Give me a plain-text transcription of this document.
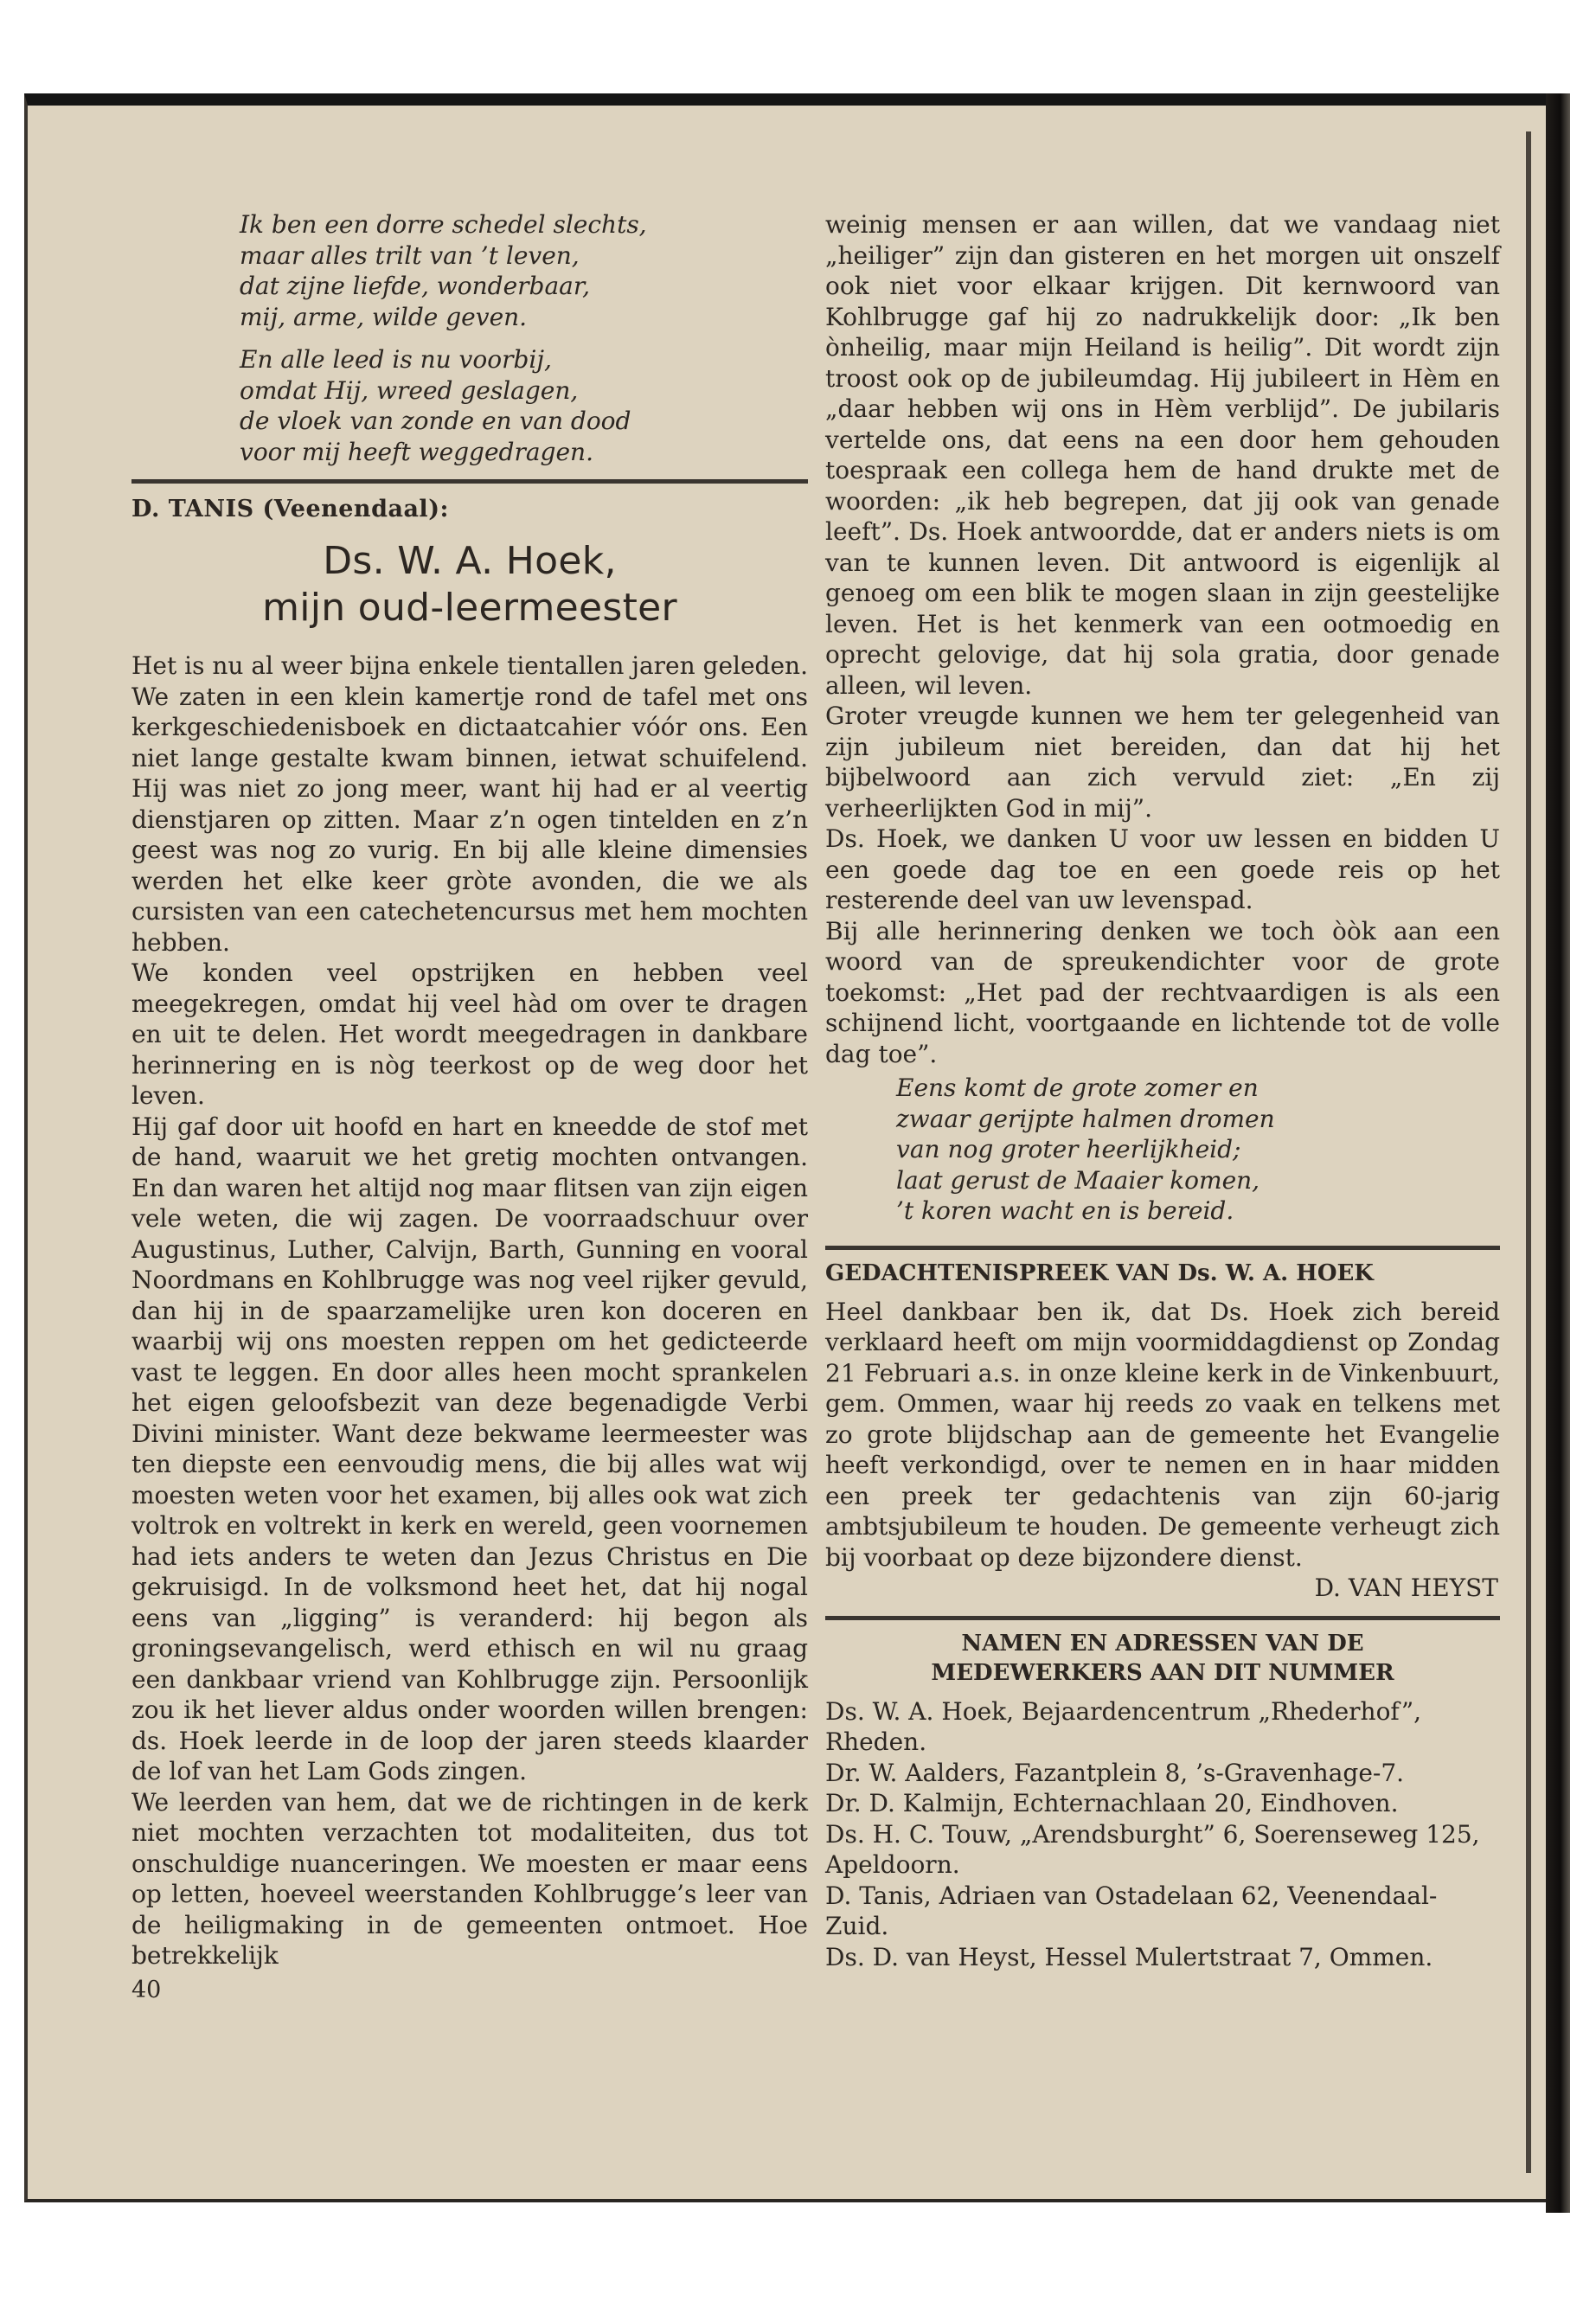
Ik ben een dorre schedel slechts,

maar alles trilt van ’t leven,

dat zijne liefde, wonderbaar,

mij, arme, wilde geven.

En alle leed is nu voorbij,

omdat Hij, wreed geslagen,

de vloek van zonde en van dood

voor mij heeft weggedragen.

D. TANIS (Veenendaal):
Ds. W. A. Hoek,
mijn oud-leermeester

Het is nu al weer bijna enkele tientallen jaren geleden. We zaten in een klein kamertje rond de tafel met ons kerkgeschiedenisboek en dictaatcahier vóór ons. Een niet lange gestalte kwam binnen, ietwat schuifelend. Hij was niet zo jong meer, want hij had er al veertig dienstjaren op zitten. Maar z’n ogen tintelden en z’n geest was nog zo vurig. En bij alle kleine dimensies werden het elke keer gròte avonden, die we als cursisten van een catechetencursus met hem mochten hebben.

We konden veel opstrijken en hebben veel meegekregen, omdat hij veel hàd om over te dragen en uit te delen. Het wordt meegedragen in dankbare herinnering en is nòg teerkost op de weg door het leven.

Hij gaf door uit hoofd en hart en kneedde de stof met de hand, waaruit we het gretig mochten ontvangen. En dan waren het altijd nog maar flitsen van zijn eigen vele weten, die wij zagen. De voorraadschuur over Augustinus, Luther, Calvijn, Barth, Gunning en vooral Noordmans en Kohlbrugge was nog veel rijker gevuld, dan hij in de spaarzamelijke uren kon doceren en waarbij wij ons moesten reppen om het gedicteerde vast te leggen. En door alles heen mocht sprankelen het eigen geloofsbezit van deze begenadigde Verbi Divini minister. Want deze bekwame leermeester was ten diepste een eenvoudig mens, die bij alles wat wij moesten weten voor het examen, bij alles ook wat zich voltrok en voltrekt in kerk en wereld, geen voornemen had iets anders te weten dan Jezus Christus en Die gekruisigd. In de volksmond heet het, dat hij nogal eens van „ligging” is veranderd: hij begon als groningsevangelisch, werd ethisch en wil nu graag een dankbaar vriend van Kohlbrugge zijn. Persoonlijk zou ik het liever aldus onder woorden willen brengen: ds. Hoek leerde in de loop der jaren steeds klaarder de lof van het Lam Gods zingen.

We leerden van hem, dat we de richtingen in de kerk niet mochten verzachten tot modaliteiten, dus tot onschuldige nuanceringen. We moesten er maar eens op letten, hoeveel weerstanden Kohlbrugge’s leer van de heiligmaking in de gemeenten ontmoet. Hoe betrekkelijk

40

weinig mensen er aan willen, dat we vandaag niet „heiliger” zijn dan gisteren en het morgen uit onszelf ook niet voor elkaar krijgen. Dit kernwoord van Kohlbrugge gaf hij zo nadrukkelijk door: „Ik ben ònheilig, maar mijn Heiland is heilig”. Dit wordt zijn troost ook op de jubileumdag. Hij jubileert in Hèm en „daar hebben wij ons in Hèm verblijd”. De jubilaris vertelde ons, dat eens na een door hem gehouden toespraak een collega hem de hand drukte met de woorden: „ik heb begrepen, dat jij ook van genade leeft”. Ds. Hoek antwoordde, dat er anders niets is om van te kunnen leven. Dit antwoord is eigenlijk al genoeg om een blik te mogen slaan in zijn geestelijke leven. Het is het kenmerk van een ootmoedig en oprecht gelovige, dat hij sola gratia, door genade alleen, wil leven.

Groter vreugde kunnen we hem ter gelegenheid van zijn jubileum niet bereiden, dan dat hij het bijbelwoord aan zich vervuld ziet: „En zij verheerlijkten God in mij”.

Ds. Hoek, we danken U voor uw lessen en bidden U een goede dag toe en een goede reis op het resterende deel van uw levenspad.

Bij alle herinnering denken we toch òòk aan een woord van de spreukendichter voor de grote toekomst: „Het pad der rechtvaardigen is als een schijnend licht, voortgaande en lichtende tot de volle dag toe”.

Eens komt de grote zomer en

zwaar gerijpte halmen dromen

van nog groter heerlijkheid;

laat gerust de Maaier komen,

’t koren wacht en is bereid.

GEDACHTENISPREEK VAN Ds. W. A. HOEK

Heel dankbaar ben ik, dat Ds. Hoek zich bereid verklaard heeft om mijn voormiddagdienst op Zondag 21 Februari a.s. in onze kleine kerk in de Vinkenbuurt, gem. Ommen, waar hij reeds zo vaak en telkens met zo grote blijdschap aan de gemeente het Evangelie heeft verkondigd, over te nemen en in haar midden een preek ter gedachtenis van zijn 60-jarig ambtsjubileum te houden. De gemeente verheugt zich bij voorbaat op deze bijzondere dienst.

D. VAN HEYST
NAMEN EN ADRESSEN VAN DE
MEDEWERKERS AAN DIT NUMMER

Ds. W. A. Hoek, Bejaardencentrum „Rhederhof”, Rheden.

Dr. W. Aalders, Fazantplein 8, ’s-Gravenhage-7.

Dr. D. Kalmijn, Echternachlaan 20, Eindhoven.

Ds. H. C. Touw, „Arendsburght” 6, Soerenseweg 125, Apeldoorn.

D. Tanis, Adriaen van Ostadelaan 62, Veenendaal-Zuid.

Ds. D. van Heyst, Hessel Mulertstraat 7, Ommen.
